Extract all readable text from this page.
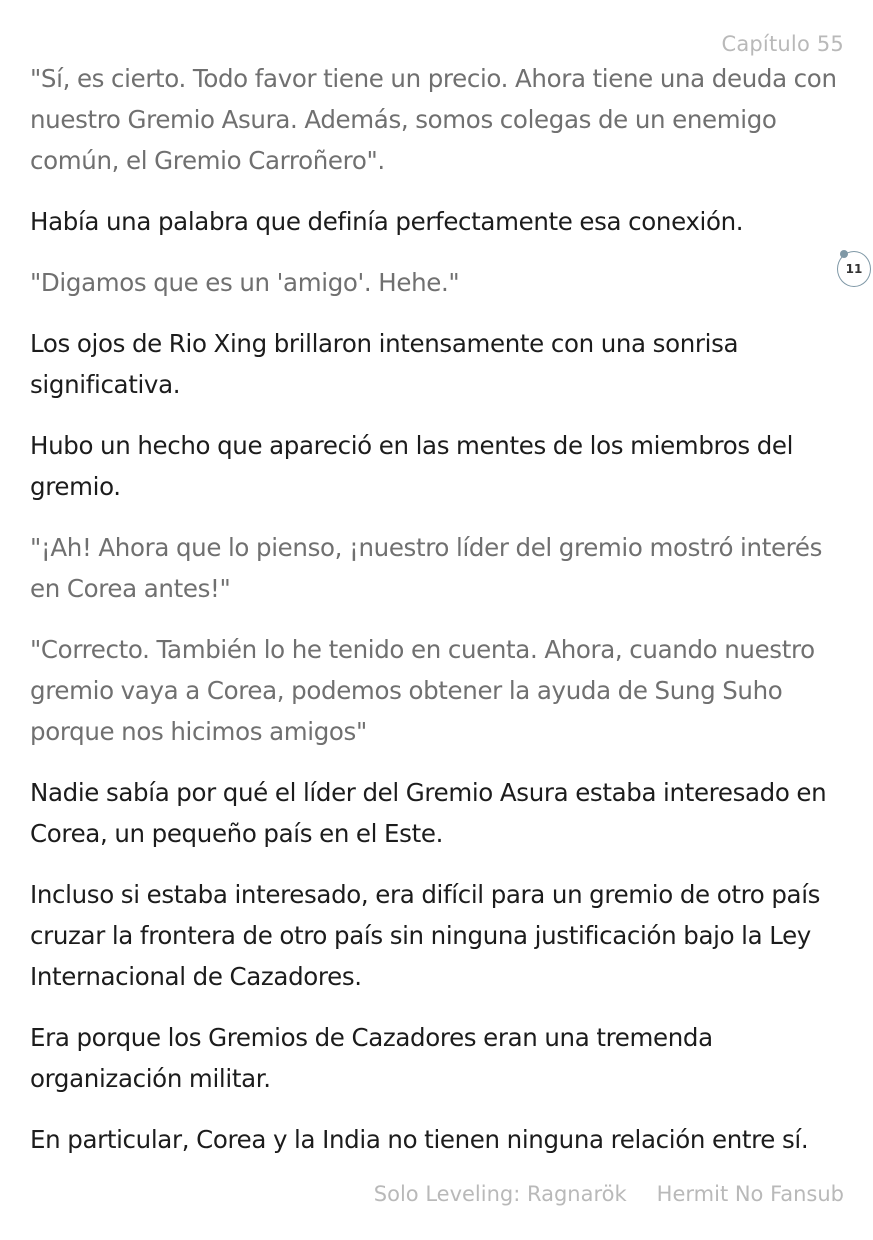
Capítulo 55

"Sí, es cierto. Todo favor tiene un precio. Ahora tiene una deuda con nuestro Gremio Asura. Además, somos colegas de un enemigo común, el Gremio Carroñero".

Había una palabra que definía perfectamente esa conexión.

"Digamos que es un 'amigo'. Hehe."

Los ojos de Rio Xing brillaron intensamente con una sonrisa significativa.

Hubo un hecho que apareció en las mentes de los miembros del gremio.

"¡Ah! Ahora que lo pienso, ¡nuestro líder del gremio mostró interés en Corea antes!"

"Correcto. También lo he tenido en cuenta. Ahora, cuando nuestro gremio vaya a Corea, podemos obtener la ayuda de Sung Suho porque nos hicimos amigos"

Nadie sabía por qué el líder del Gremio Asura estaba interesado en Corea, un pequeño país en el Este.

Incluso si estaba interesado, era difícil para un gremio de otro país cruzar la frontera de otro país sin ninguna justificación bajo la Ley Internacional de Cazadores.

Era porque los Gremios de Cazadores eran una tremenda organización militar.

En particular, Corea y la India no tienen ninguna relación entre sí.

11
Solo Leveling: Ragnarök Hermit No Fansub
